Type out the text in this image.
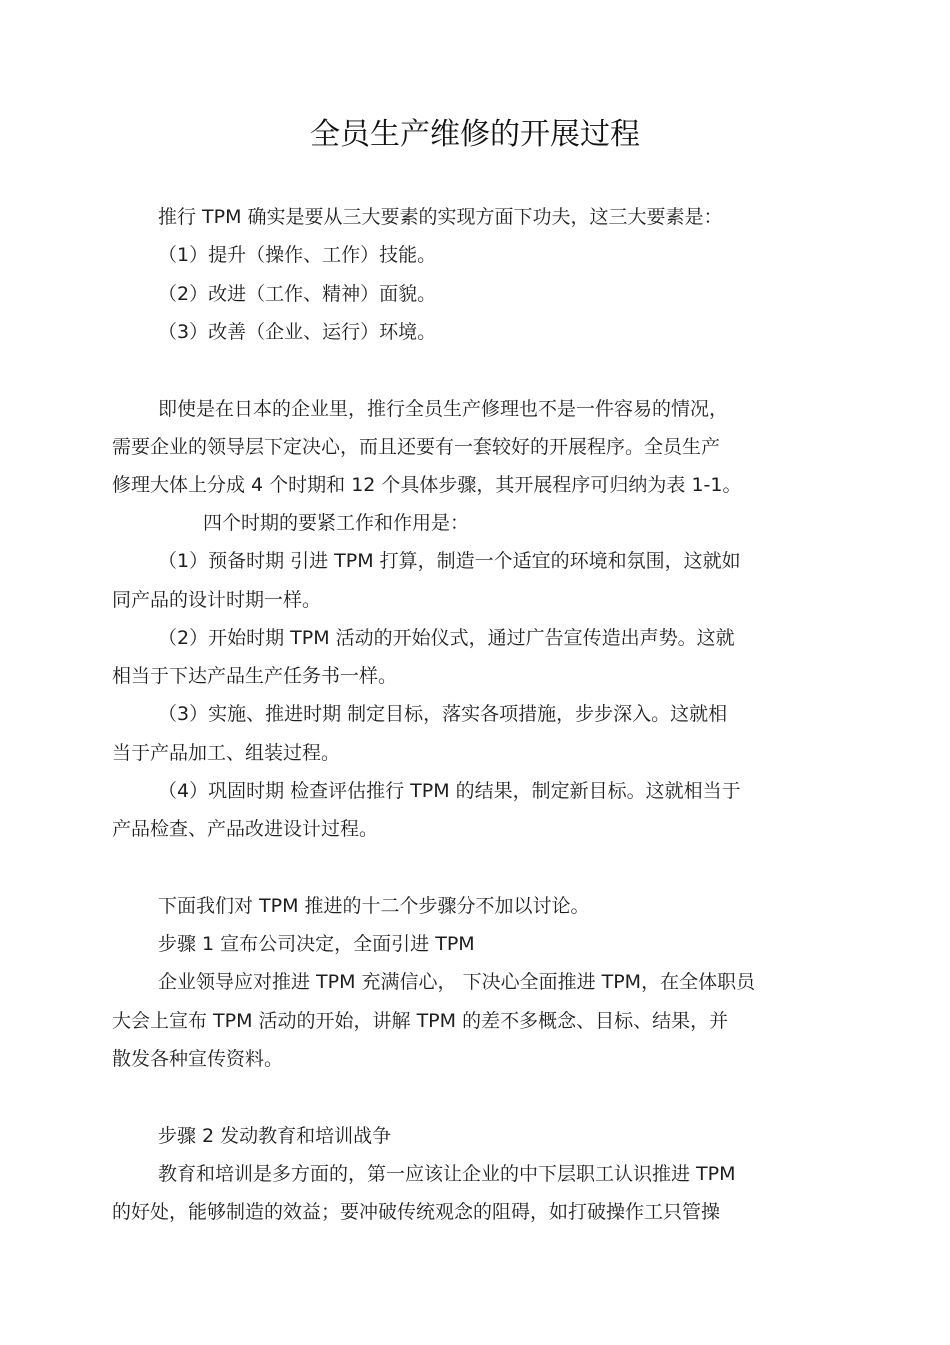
全员生产维修的开展过程
推行 TPM 确实是要从三大要素的实现方面下功夫，这三大要素是：
（1）提升（操作、工作）技能。
（2）改进（工作、精神）面貌。
（3）改善（企业、运行）环境。
即使是在日本的企业里，推行全员生产修理也不是一件容易的情况，
需要企业的领导层下定决心，而且还要有一套较好的开展程序。全员生产
修理大体上分成 4 个时期和 12 个具体步骤，其开展程序可归纳为表 1-1。
四个时期的要紧工作和作用是：
（1）预备时期 引进 TPM 打算，制造一个适宜的环境和氛围，这就如
同产品的设计时期一样。
（2）开始时期 TPM 活动的开始仪式，通过广告宣传造出声势。这就
相当于下达产品生产任务书一样。
（3）实施、推进时期 制定目标，落实各项措施，步步深入。这就相
当于产品加工、组装过程。
（4）巩固时期 检查评估推行 TPM 的结果，制定新目标。这就相当于
产品检查、产品改进设计过程。
下面我们对 TPM 推进的十二个步骤分不加以讨论。
步骤 1 宣布公司决定，全面引进 TPM
企业领导应对推进 TPM 充满信心， 下决心全面推进 TPM，在全体职员
大会上宣布 TPM 活动的开始，讲解 TPM 的差不多概念、目标、结果，并
散发各种宣传资料。
步骤 2 发动教育和培训战争
教育和培训是多方面的，第一应该让企业的中下层职工认识推进 TPM
的好处，能够制造的效益；要冲破传统观念的阻碍，如打破操作工只管操
